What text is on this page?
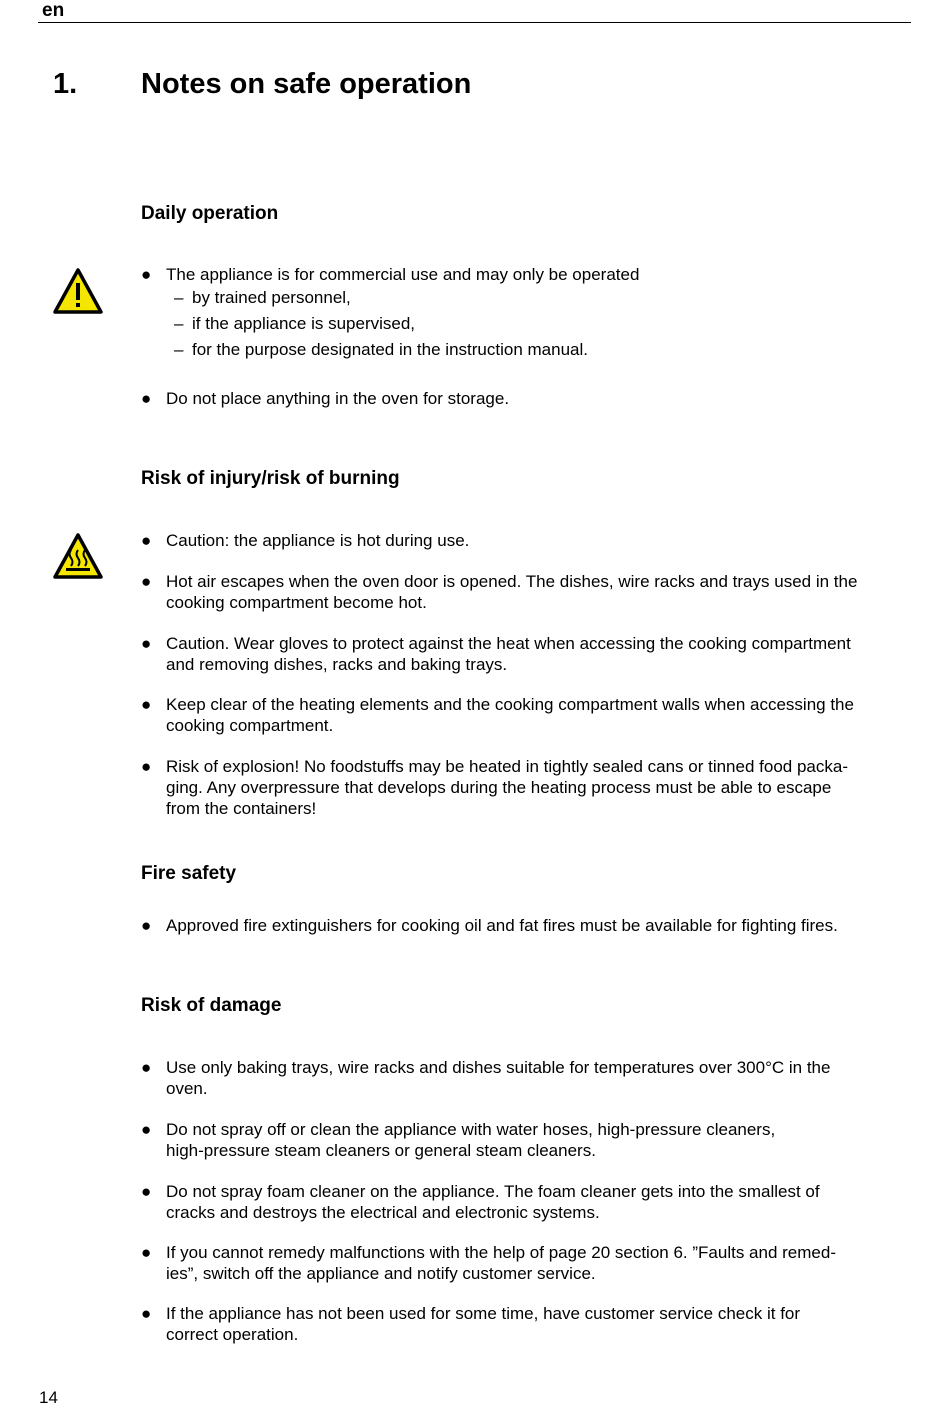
en
1. Notes on safe operation
Daily operation
● The appliance is for commercial use and may only be operated
– by trained personnel,
– if the appliance is supervised,
– for the purpose designated in the instruction manual.
● Do not place anything in the oven for storage.
Risk of injury/risk of burning
● Caution: the appliance is hot during use.
● Hot air escapes when the oven door is opened. The dishes, wire racks and trays used in the
cooking compartment become hot.
● Caution. Wear gloves to protect against the heat when accessing the cooking compartment
and removing dishes, racks and baking trays.
● Keep clear of the heating elements and the cooking compartment walls when accessing the
cooking compartment.
● Risk of explosion! No foodstuffs may be heated in tightly sealed cans or tinned food packa-
ging. Any overpressure that develops during the heating process must be able to escape
from the containers!
Fire safety
● Approved fire extinguishers for cooking oil and fat fires must be available for fighting fires.
Risk of damage
● Use only baking trays, wire racks and dishes suitable for temperatures over 300°C in the
oven.
● Do not spray off or clean the appliance with water hoses, high-pressure cleaners,
high-pressure steam cleaners or general steam cleaners.
● Do not spray foam cleaner on the appliance. The foam cleaner gets into the smallest of
cracks and destroys the electrical and electronic systems.
● If you cannot remedy malfunctions with the help of page 20 section 6. ”Faults and remed-
ies”, switch off the appliance and notify customer service.
● If the appliance has not been used for some time, have customer service check it for
correct operation.
14
